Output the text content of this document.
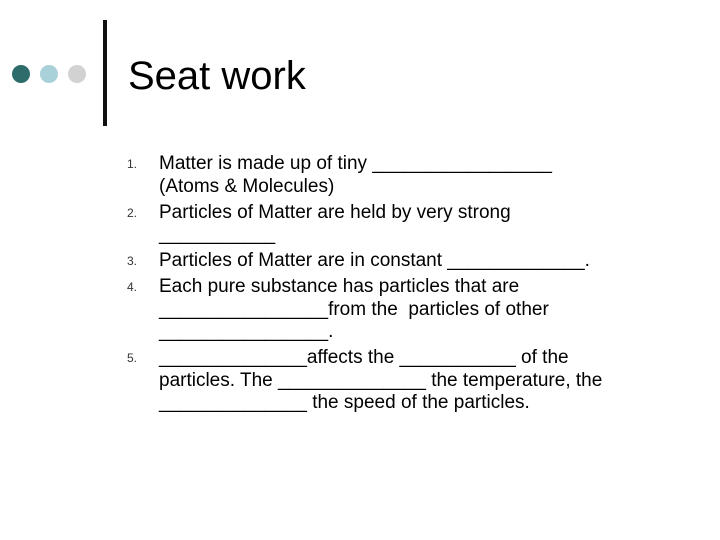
Seat work
1. Matter is made up of tiny _________________
(Atoms & Molecules)
2. Particles of Matter are held by very strong
___________
3. Particles of Matter are in constant _____________.
4. Each pure substance has particles that are
________________from the  particles of other
________________.
5. ______________affects the ___________ of the
particles. The ______________ the temperature, the
______________ the speed of the particles.
